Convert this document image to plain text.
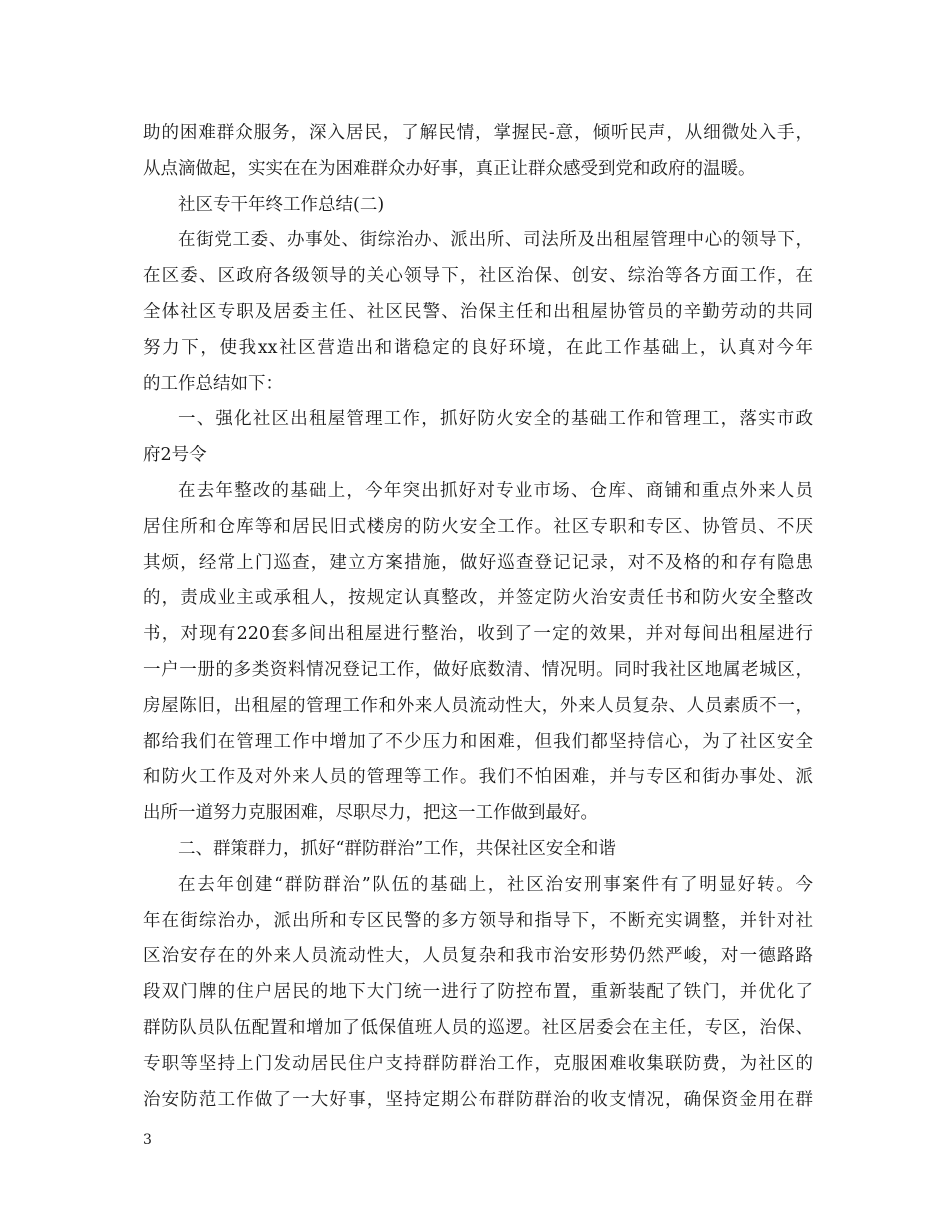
助的困难群众服务，深入居民，了解民情，掌握民-意，倾听民声，从细微处入手，
从点滴做起，实实在在为困难群众办好事，真正让群众感受到党和政府的温暖。
社区专干年终工作总结(二)
在街党工委、办事处、街综治办、派出所、司法所及出租屋管理中心的领导下，
在区委、区政府各级领导的关心领导下，社区治保、创安、综治等各方面工作，在
全体社区专职及居委主任、社区民警、治保主任和出租屋协管员的辛勤劳动的共同
努力下，使我xx社区营造出和谐稳定的良好环境，在此工作基础上，认真对今年
的工作总结如下：
一、强化社区出租屋管理工作，抓好防火安全的基础工作和管理工，落实市政
府2号令
在去年整改的基础上，今年突出抓好对专业市场、仓库、商铺和重点外来人员
居住所和仓库等和居民旧式楼房的防火安全工作。社区专职和专区、协管员、不厌
其烦，经常上门巡查，建立方案措施，做好巡查登记记录，对不及格的和存有隐患
的，责成业主或承租人，按规定认真整改，并签定防火治安责任书和防火安全整改
书，对现有220套多间出租屋进行整治，收到了一定的效果，并对每间出租屋进行
一户一册的多类资料情况登记工作，做好底数清、情况明。同时我社区地属老城区，
房屋陈旧，出租屋的管理工作和外来人员流动性大，外来人员复杂、人员素质不一，
都给我们在管理工作中增加了不少压力和困难，但我们都坚持信心，为了社区安全
和防火工作及对外来人员的管理等工作。我们不怕困难，并与专区和街办事处、派
出所一道努力克服困难，尽职尽力，把这一工作做到最好。
二、群策群力，抓好“群防群治”工作，共保社区安全和谐
在去年创建“群防群治”队伍的基础上，社区治安刑事案件有了明显好转。今
年在街综治办，派出所和专区民警的多方领导和指导下，不断充实调整，并针对社
区治安存在的外来人员流动性大，人员复杂和我市治安形势仍然严峻，对一德路路
段双门牌的住户居民的地下大门统一进行了防控布置，重新装配了铁门，并优化了
群防队员队伍配置和增加了低保值班人员的巡逻。社区居委会在主任，专区，治保、
专职等坚持上门发动居民住户支持群防群治工作，克服困难收集联防费，为社区的
治安防范工作做了一大好事，坚持定期公布群防群治的收支情况，确保资金用在群
3
